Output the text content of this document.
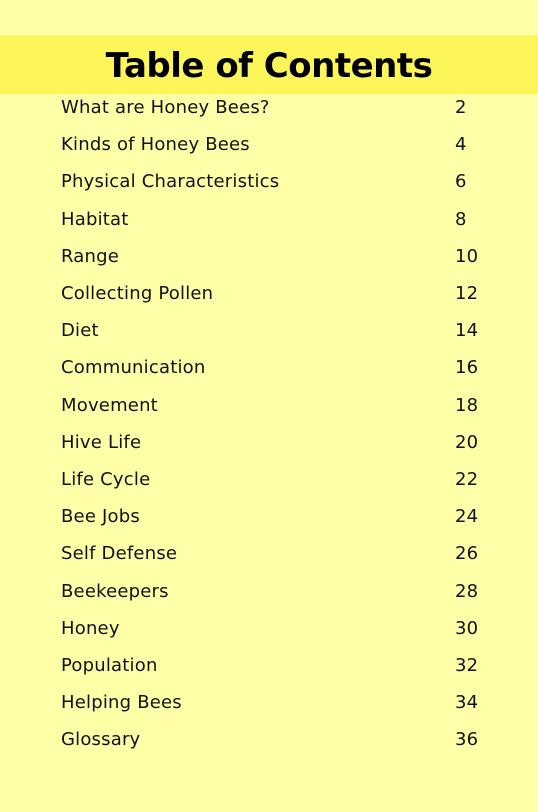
Table of Contents
What are Honey Bees?	2
Kinds of Honey Bees	4
Physical Characteristics	6
Habitat	8
Range	10
Collecting Pollen	12
Diet	14
Communication	16
Movement	18
Hive Life	20
Life Cycle	22
Bee Jobs	24
Self Defense	26
Beekeepers	28
Honey	30
Population	32
Helping Bees	34
Glossary	36
